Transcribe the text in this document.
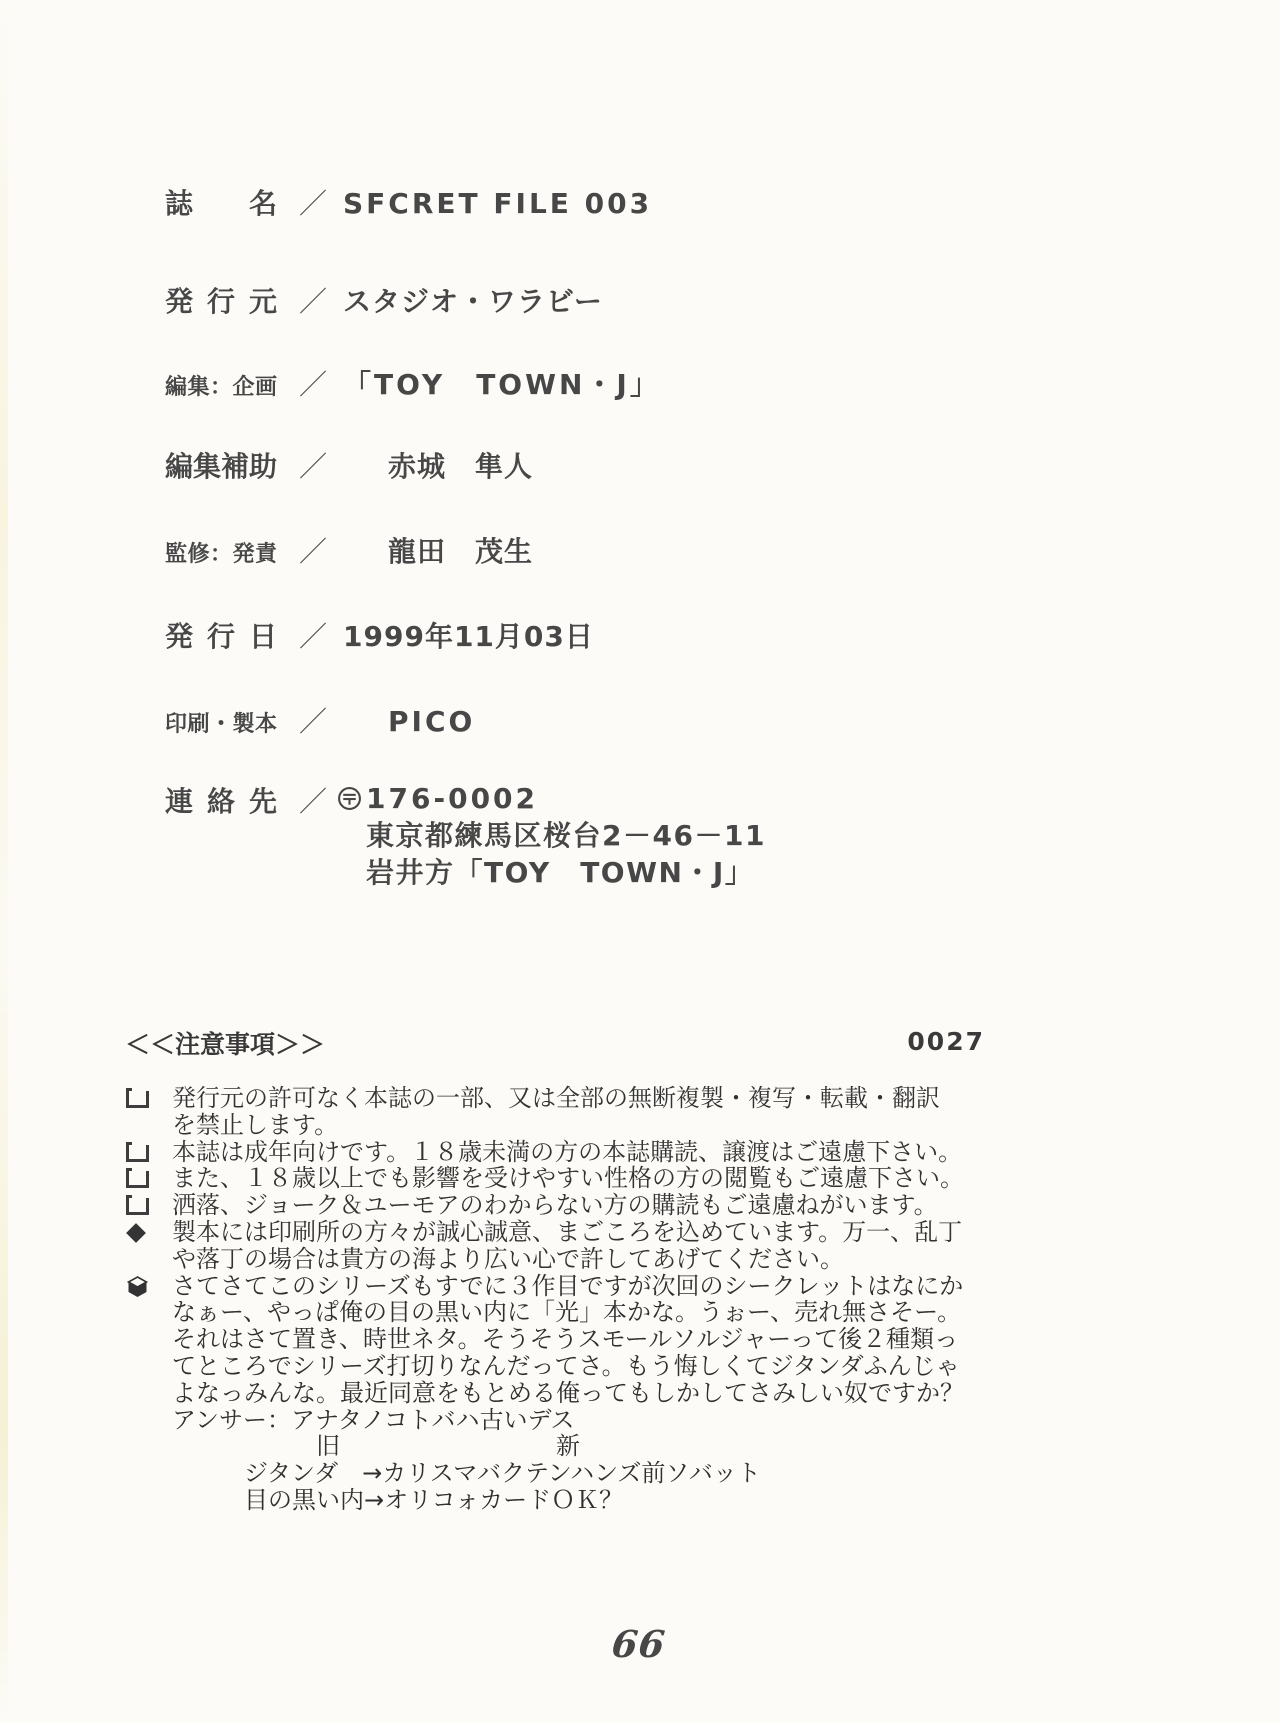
誌名 ／ SFCRET FILE 003
発行元 ／ スタジオ・ワラビー
編集：企画 ／ 「TOY　TOWN・J」
編集補助 ／ 赤城　隼人
監修：発責 ／ 龍田　茂生
発行日 ／ 1999年11月03日
印刷・製本 ／ PICO
連絡先 ／ 176-0002
東京都練馬区桜台2－46－11
岩井方「TOY　TOWN・J」
＜＜注意事項＞＞	0027
発行元の許可なく本誌の一部、又は全部の無断複製・複写・転載・翻訳
を禁止します。
本誌は成年向けです。１８歳未満の方の本誌購読、譲渡はご遠慮下さい。
また、１８歳以上でも影響を受けやすい性格の方の閲覧もご遠慮下さい。
洒落、ジョーク＆ユーモアのわからない方の購読もご遠慮ねがいます。
製本には印刷所の方々が誠心誠意、まごころを込めています。万一、乱丁
や落丁の場合は貴方の海より広い心で許してあげてください。
さてさてこのシリーズもすでに３作目ですが次回のシークレットはなにか
なぁー、やっぱ俺の目の黒い内に「光」本かな。うぉー、売れ無さそー。
それはさて置き、時世ネタ。そうそうスモールソルジャーって後２種類っ
てところでシリーズ打切りなんだってさ。もう悔しくてジタンダふんじゃ
よなっみんな。最近同意をもとめる俺ってもしかしてさみしい奴ですか？
アンサー：アナタノコトバハ古いデス
　　　　　　旧　　　　　　　　　新
　　　ジタンダ　→カリスマバクテンハンズ前ソバット
　　　目の黒い内→オリコォカードＯＫ？
66
